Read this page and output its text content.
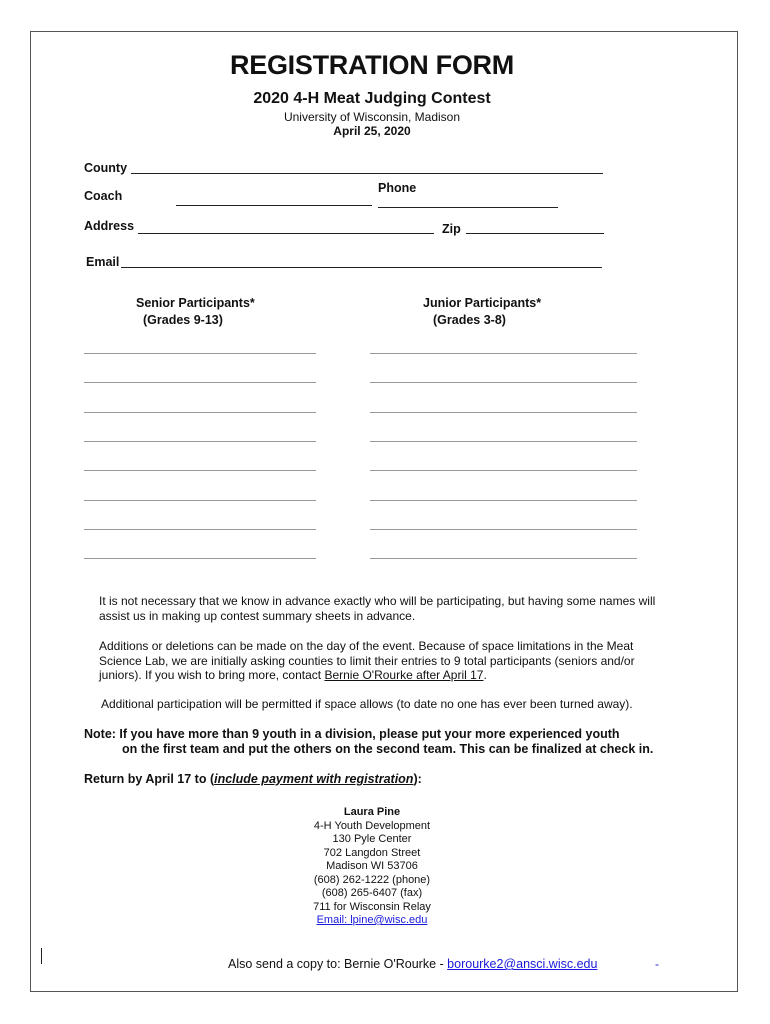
REGISTRATION FORM
2020 4-H Meat Judging Contest
University of Wisconsin, Madison
April 25, 2020
County
Phone
Coach
Address	Zip
Email
Senior Participants*
(Grades 9-13)
Junior Participants*
(Grades 3-8)
It is not necessary that we know in advance exactly who will be participating, but having some names will assist us in making up contest summary sheets in advance.
Additions or deletions can be made on the day of the event. Because of space limitations in the Meat Science Lab, we are initially asking counties to limit their entries to 9 total participants (seniors and/or juniors). If you wish to bring more, contact Bernie O'Rourke after April 17.
Additional participation will be permitted if space allows (to date no one has ever been turned away).
Note: If you have more than 9 youth in a division, please put your more experienced youth
on the first team and put the others on the second team. This can be finalized at check in.
Return by April 17 to (include payment with registration):
Laura Pine
4-H Youth Development
130 Pyle Center
702 Langdon Street
Madison WI 53706
(608) 262-1222 (phone)
(608) 265-6407 (fax)
711 for Wisconsin Relay
Email: lpine@wisc.edu
Also send a copy to: Bernie O'Rourke - borourke2@ansci.wisc.edu	-
